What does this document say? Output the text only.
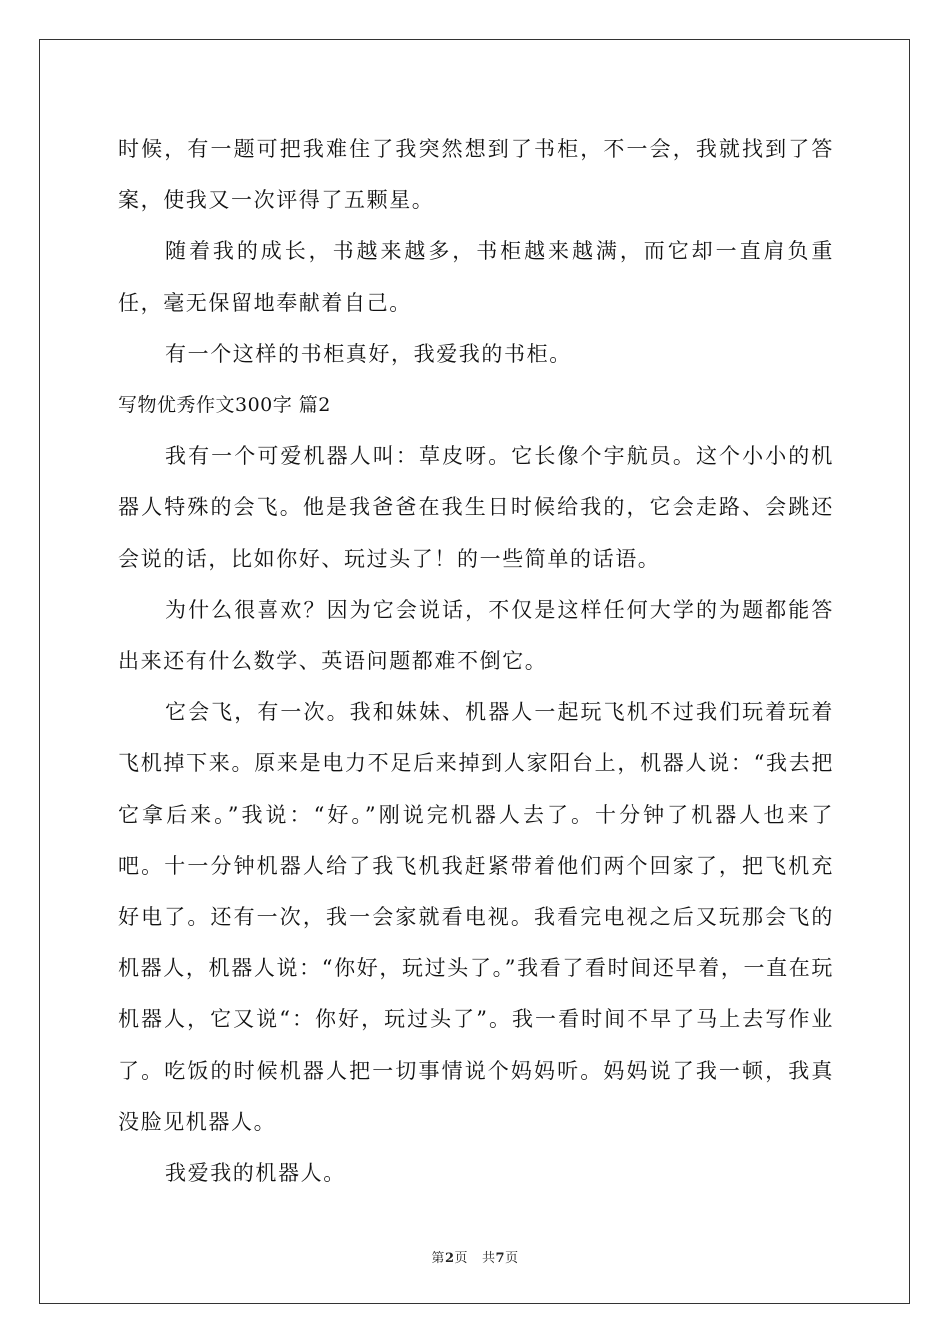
时候，有一题可把我难住了我突然想到了书柜，不一会，我就找到了答案，使我又一次评得了五颗星。

随着我的成长，书越来越多，书柜越来越满，而它却一直肩负重任，毫无保留地奉献着自己。

有一个这样的书柜真好，我爱我的书柜。

写物优秀作文300字 篇2

我有一个可爱机器人叫：草皮呀。它长像个宇航员。这个小小的机器人特殊的会飞。他是我爸爸在我生日时候给我的，它会走路、会跳还会说的话，比如你好、玩过头了！的一些简单的话语。

为什么很喜欢？因为它会说话，不仅是这样任何大学的为题都能答出来还有什么数学、英语问题都难不倒它。

它会飞，有一次。我和妹妹、机器人一起玩飞机不过我们玩着玩着飞机掉下来。原来是电力不足后来掉到人家阳台上，机器人说：“我去把它拿后来。”我说：“好。”刚说完机器人去了。十分钟了机器人也来了吧。十一分钟机器人给了我飞机我赶紧带着他们两个回家了，把飞机充好电了。还有一次，我一会家就看电视。我看完电视之后又玩那会飞的机器人，机器人说：“你好，玩过头了。”我看了看时间还早着，一直在玩机器人，它又说“：你好，玩过头了”。我一看时间不早了马上去写作业了。吃饭的时候机器人把一切事情说个妈妈听。妈妈说了我一顿，我真没脸见机器人。

我爱我的机器人。

第2页 共7页
